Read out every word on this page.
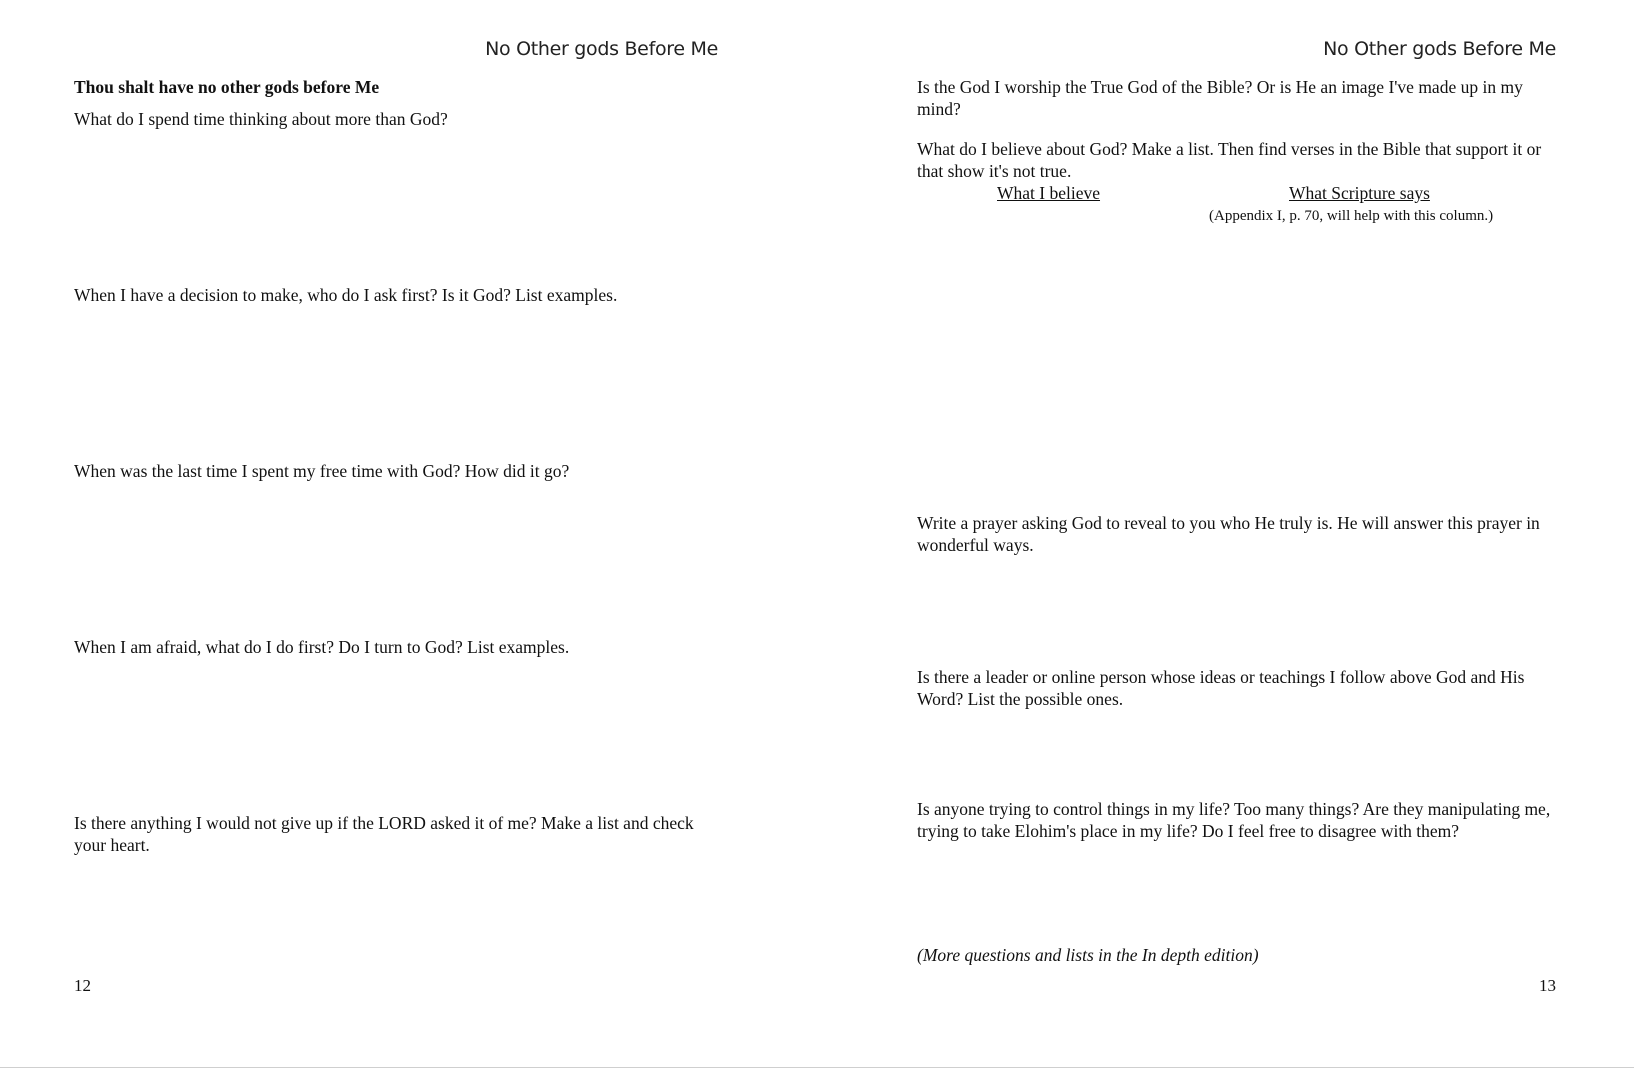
No Other gods Before Me

Thou shalt have no other gods before Me

What do I spend time thinking about more than God?

When I have a decision to make, who do I ask first? Is it God? List examples.

When was the last time I spent my free time with God? How did it go?

When I am afraid, what do I do first? Do I turn to God? List examples.

Is there anything I would not give up if the LORD asked it of me? Make a list and check your heart.

12
No Other gods Before Me

Is the God I worship the True God of the Bible? Or is He an image I've made up in my mind?

What do I believe about God? Make a list. Then find verses in the Bible that support it or that show it's not true.

What I believe	What Scripture says
(Appendix I, p. 70, will help with this column.)

Write a prayer asking God to reveal to you who He truly is. He will answer this prayer in wonderful ways.

Is there a leader or online person whose ideas or teachings I follow above God and His Word? List the possible ones.

Is anyone trying to control things in my life? Too many things? Are they manipulating me, trying to take Elohim's place in my life? Do I feel free to disagree with them?

(More questions and lists in the In depth edition)

13
